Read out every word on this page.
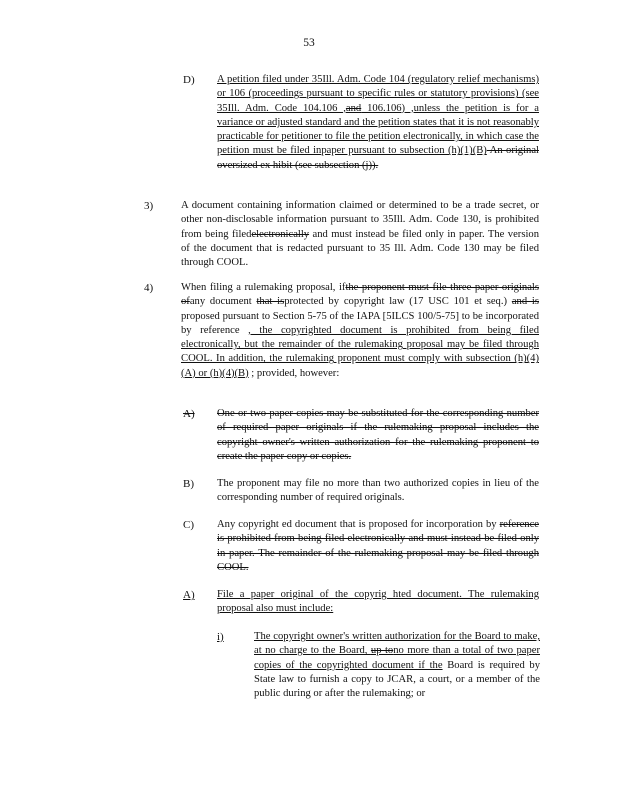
53
D) A petition filed under 35Ill. Adm. Code 104 (regulatory relief mechanisms) or 106 (proceedings pursuant to specific rules or statutory provisions) (see 35Ill. Adm. Code 104.106 ,and 106.106) ,unless the petition is for a variance or adjusted standard and the petition states that it is not reasonably practicable for petitioner to file the petition electronically, in which case the petition must be filed inpaper pursuant to subsection (h)(1)(B) An original oversized ex hibit (see subsection (j)).
3)	A document containing information claimed or determined to be a trade secret, or other non-disclosable information pursuant to 35Ill. Adm. Code 130, is prohibited from being filedelectronically and must instead be filed only in paper. The version of the document that is redacted pursuant to 35 Ill. Adm. Code 130 may be filed through COOL.
4)	When filing a rulemaking proposal, ifthe proponent must file three paper originals ofany document that isprotected by copyright law (17 USC 101 et seq.) and is proposed pursuant to Section 5-75 of the IAPA [5ILCS 100/5-75] to be incorporated by reference , the copyrighted document is prohibited from being filed electronically, but the remainder of the rulemaking proposal may be filed through COOL. In addition, the rulemaking proponent must comply with subsection (h)(4)(A) or (h)(4)(B) ; provided, however:
A) One or two paper copies may be substituted for the corresponding number of required paper originals if the rulemaking proposal includes the copyright owner's written authorization for the rulemaking proponent to create the paper copy or copies.
B) The proponent may file no more than two authorized copies in lieu of the corresponding number of required originals.
C) Any copyright ed document that is proposed for incorporation by reference is prohibited from being filed electronically and must instead be filed only in paper. The remainder of the rulemaking proposal may be filed through COOL.
A) File a paper original of the copyrig hted document. The rulemaking proposal also must include:
i)	The copyright owner's written authorization for the Board to make, at no charge to the Board, up tono more than a total of two paper copies of the copyrighted document if the Board is required by State law to furnish a copy to JCAR, a court, or a member of the public during or after the rulemaking; or
